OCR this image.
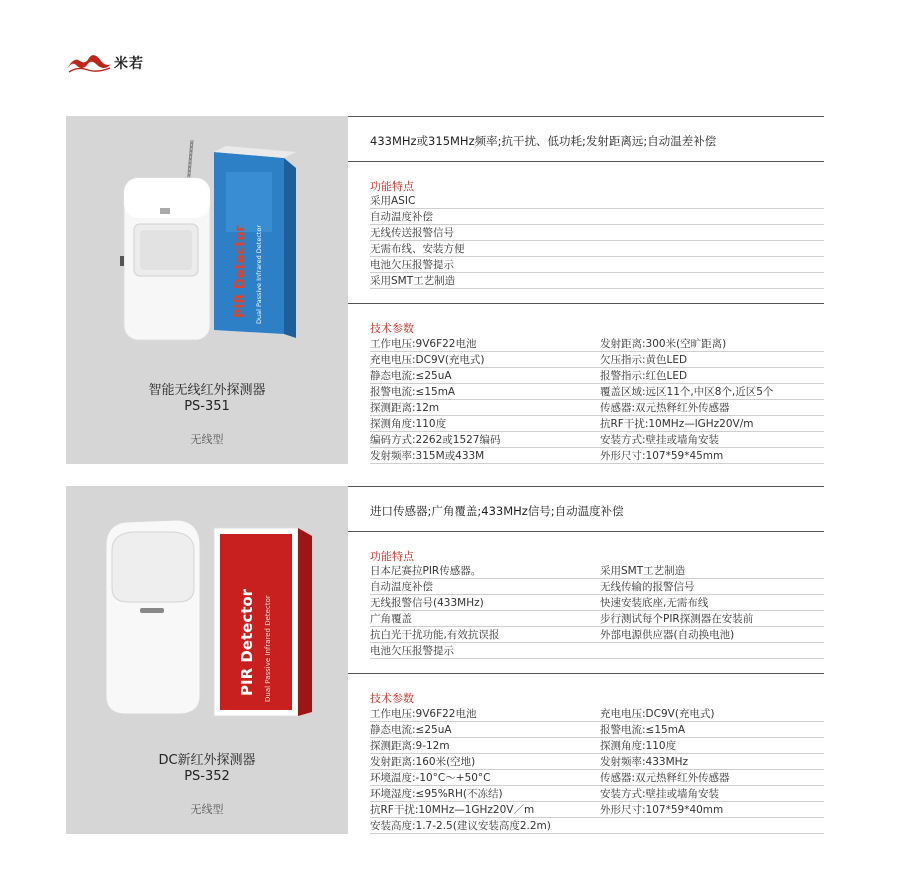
米若
PIR Detector Dual Passive Infrared Detector
智能无线红外探测器
PS-351
无线型
433MHz或315MHz频率;抗干扰、低功耗;发射距离远;自动温差补偿
功能特点
采用ASIC
自动温度补偿
无线传送报警信号
无需布线、安装方便
电池欠压报警提示
采用SMT工艺制造
技术参数
工作电压:9V6F22电池	发射距离:300米(空旷距离)
充电电压:DC9V(充电式)	欠压指示:黄色LED
静态电流:≤25uA	报警指示:红色LED
报警电流:≤15mA	覆盖区域:远区11个,中区8个,近区5个
探测距离:12m	传感器:双元热释红外传感器
探测角度:110度	抗RF干扰:10MHz—lGHz20V/m
编码方式:2262或1527编码	安装方式:壁挂或墙角安装
发射频率:315M或433M	外形尺寸:107*59*45mm
PIR Detector Dual Passive Infrared Detector
DC新红外探测器
PS-352
无线型
进口传感器;广角覆盖;433MHz信号;自动温度补偿
功能特点
日本尼赛拉PIR传感器。	采用SMT工艺制造
自动温度补偿	无线传输的报警信号
无线报警信号(433MHz)	快速安装底座,无需布线
广角覆盖	步行测试每个PIR探测器在安装前
抗白光干扰功能,有效抗误报	外部电源供应器(自动换电池)
电池欠压报警提示
技术参数
工作电压:9V6F22电池	充电电压:DC9V(充电式)
静态电流:≤25uA	报警电流:≤15mA
探测距离:9-12m	探测角度:110度
发射距离:160米(空地)	发射频率:433MHz
环境温度:-10°C～+50°C	传感器:双元热释红外传感器
环境湿度:≤95%RH(不冻结)	安装方式:壁挂或墙角安装
抗RF干扰:10MHz—1GHz20V／m	外形尺寸:107*59*40mm
安装高度:1.7-2.5(建议安装高度2.2m)
